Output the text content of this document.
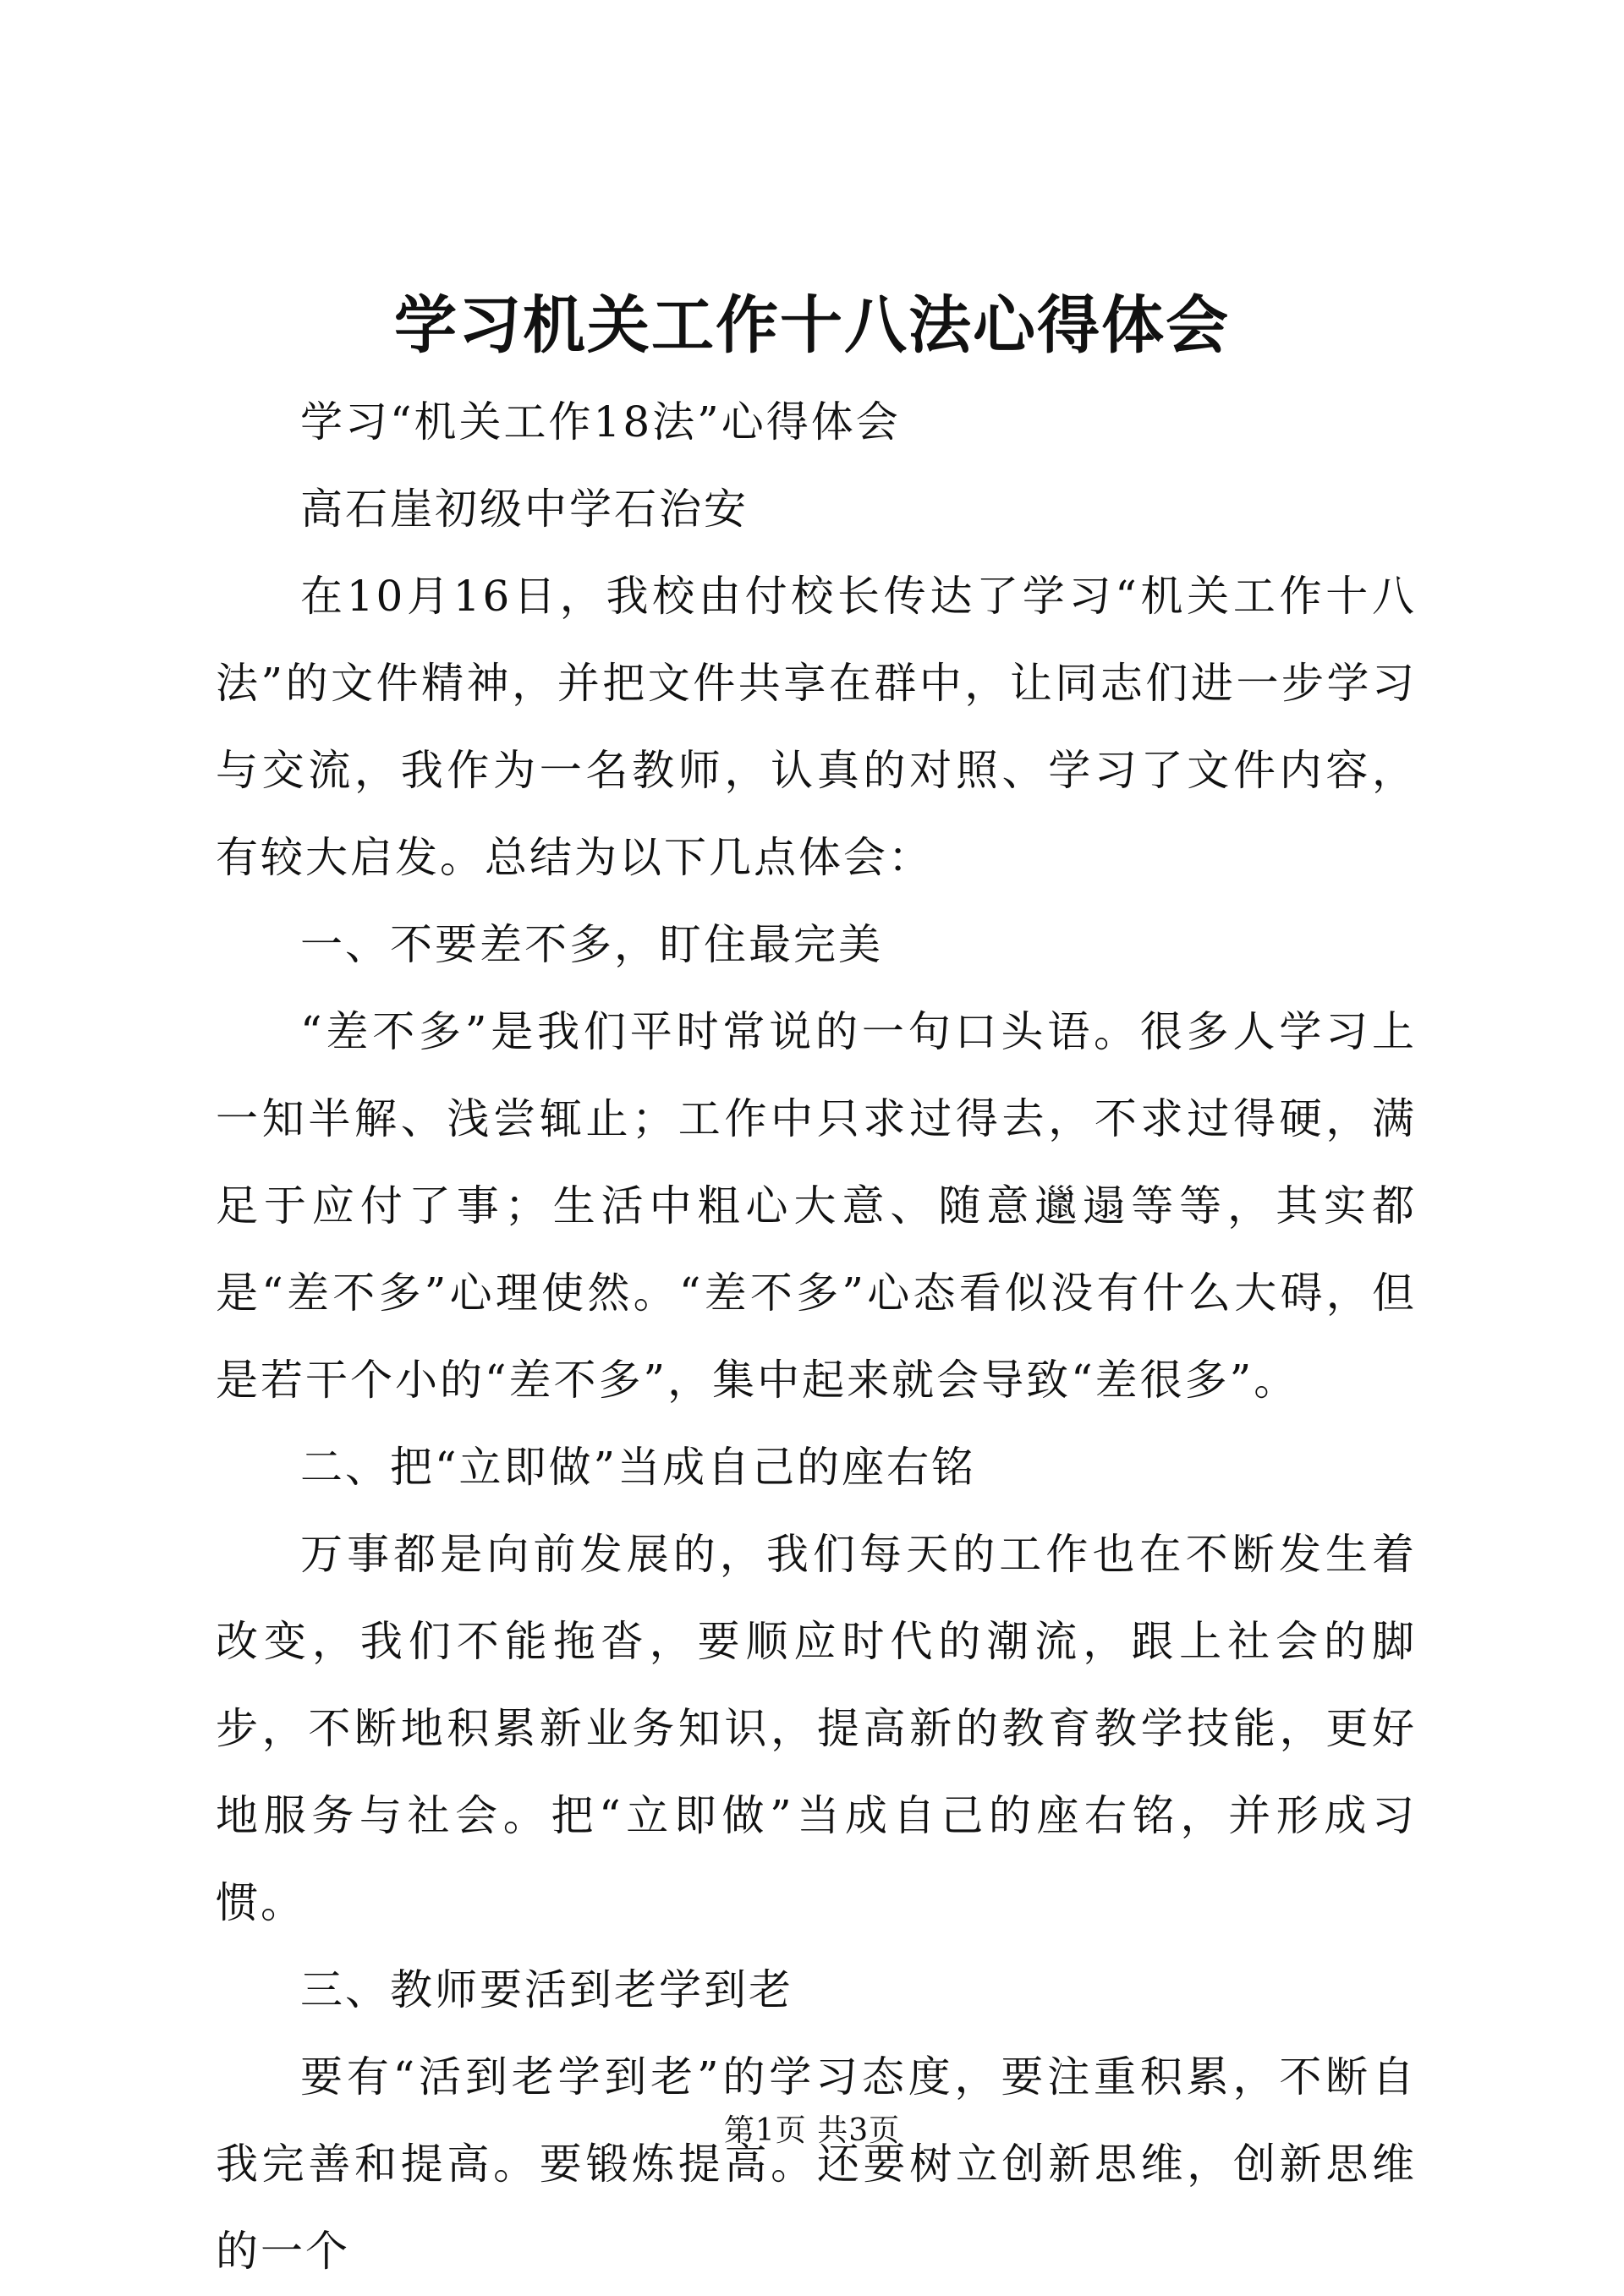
学习机关工作十八法心得体会

学习“机关工作18法”心得体会

高石崖初级中学石治安

在10月16日，我校由付校长传达了学习“机关工作十八法”的文件精神，并把文件共享在群中，让同志们进一步学习与交流，我作为一名教师，认真的对照、学习了文件内容，有较大启发。总结为以下几点体会：

一、不要差不多，盯住最完美

“差不多”是我们平时常说的一句口头语。很多人学习上一知半解、浅尝辄止；工作中只求过得去，不求过得硬，满足于应付了事；生活中粗心大意、随意邋遢等等，其实都是“差不多”心理使然。“差不多”心态看似没有什么大碍，但是若干个小的“差不多”，集中起来就会导致“差很多”。

二、把“立即做”当成自己的座右铭

万事都是向前发展的，我们每天的工作也在不断发生着改变，我们不能拖沓，要顺应时代的潮流，跟上社会的脚步，不断地积累新业务知识，提高新的教育教学技能，更好地服务与社会。把“立即做”当成自己的座右铭，并形成习惯。

三、教师要活到老学到老

要有“活到老学到老”的学习态度，要注重积累，不断自我完善和提高。要锻炼提高。还要树立创新思维，创新思维的一个

第1页 共3页
